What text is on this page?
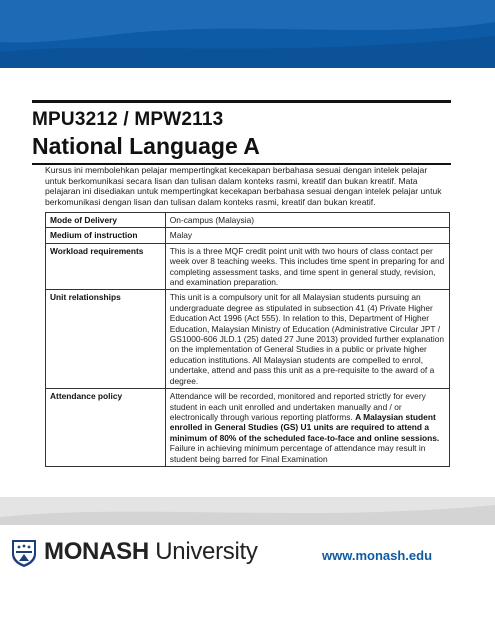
MPU3212 / MPW2113
National Language A

Kursus ini membolehkan pelajar mempertingkat kecekapan berbahasa sesuai dengan intelek pelajar untuk berkomunikasi secara lisan dan tulisan dalam konteks rasmi, kreatif dan bukan kreatif. Mata pelajaran ini disediakan untuk mempertingkat kecekapan berbahasa sesuai dengan intelek pelajar untuk berkomunikasi dengan lisan dan tulisan dalam konteks rasmi, kreatif dan bukan kreatif.

Mode of Delivery	On-campus (Malaysia)
Medium of instruction	Malay
Workload requirements	This is a three MQF credit point unit with two hours of class contact per week over 8 teaching weeks. This includes time spent in preparing for and completing assessment tasks, and time spent in general study, revision, and examination preparation.
Unit relationships	This unit is a compulsory unit for all Malaysian students pursuing an undergraduate degree as stipulated in subsection 41 (4) Private Higher Education Act 1996 (Act 555). In relation to this, Department of Higher Education, Malaysian Ministry of Education (Administrative Circular JPT / GS1000-606 JLD.1 (25) dated 27 June 2013) provided further explanation on the implementation of General Studies in a public or private higher education institutions. All Malaysian students are compelled to enrol, undertake, attend and pass this unit as a pre-requisite to the award of a degree.
Attendance policy	Attendance will be recorded, monitored and reported strictly for every student in each unit enrolled and undertaken manually and / or electronically through various reporting platforms. A Malaysian student enrolled in General Studies (GS) U1 units are required to attend a minimum of 80% of the scheduled face-to-face and online sessions. Failure in achieving minimum percentage of attendance may result in student being barred for Final Examination
MONASH University	www.monash.edu
